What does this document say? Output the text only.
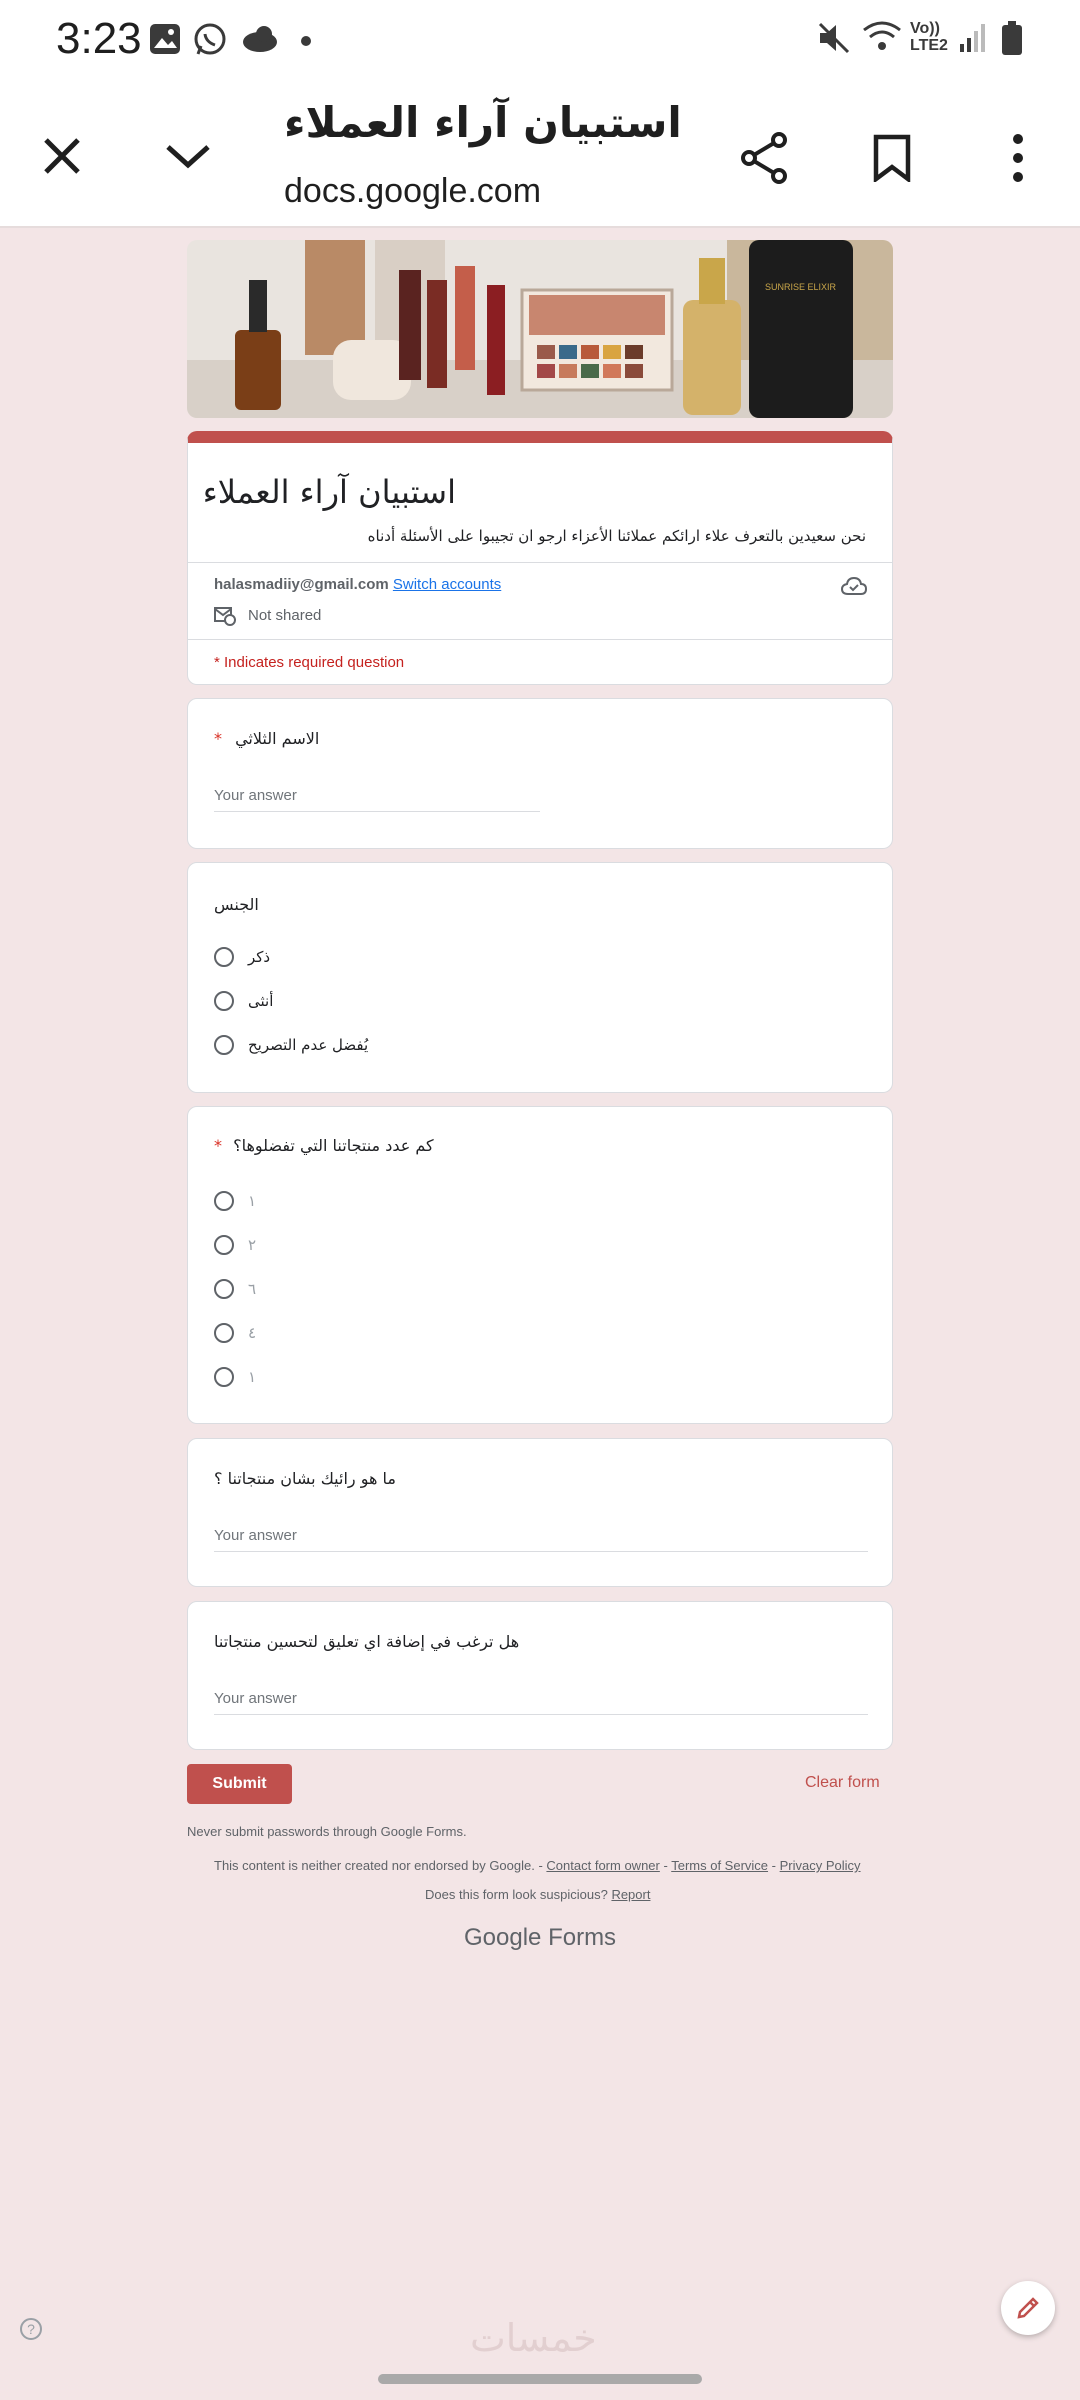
3:23	Vo)) LTE2
استبيان آراء العملاء
docs.google.com
SUNRISE ELIXIR
استبيان آراء العملاء
نحن سعيدين بالتعرف علاء ارائكم عملائنا الأعزاء ارجو ان تجيبوا على الأسئلة أدناه
halasmadiiy@gmail.com Switch accounts
Not shared
* Indicates required question
الاسم الثلاثي *
Your answer
الجنس
ذكر
أنثى
يُفضل عدم التصريح
كم عدد منتجاتنا التي تفضلوها؟ *
١
٢
٦
٤
١
ما هو رائيك بشان منتجاتنا ؟
Your answer
هل ترغب في إضافة اي تعليق لتحسين منتجاتنا
Your answer
Submit	Clear form
Never submit passwords through Google Forms.
This content is neither created nor endorsed by Google. - Contact form owner - Terms of Service - Privacy Policy
Does this form look suspicious? Report
Google Forms
?	خمسات
